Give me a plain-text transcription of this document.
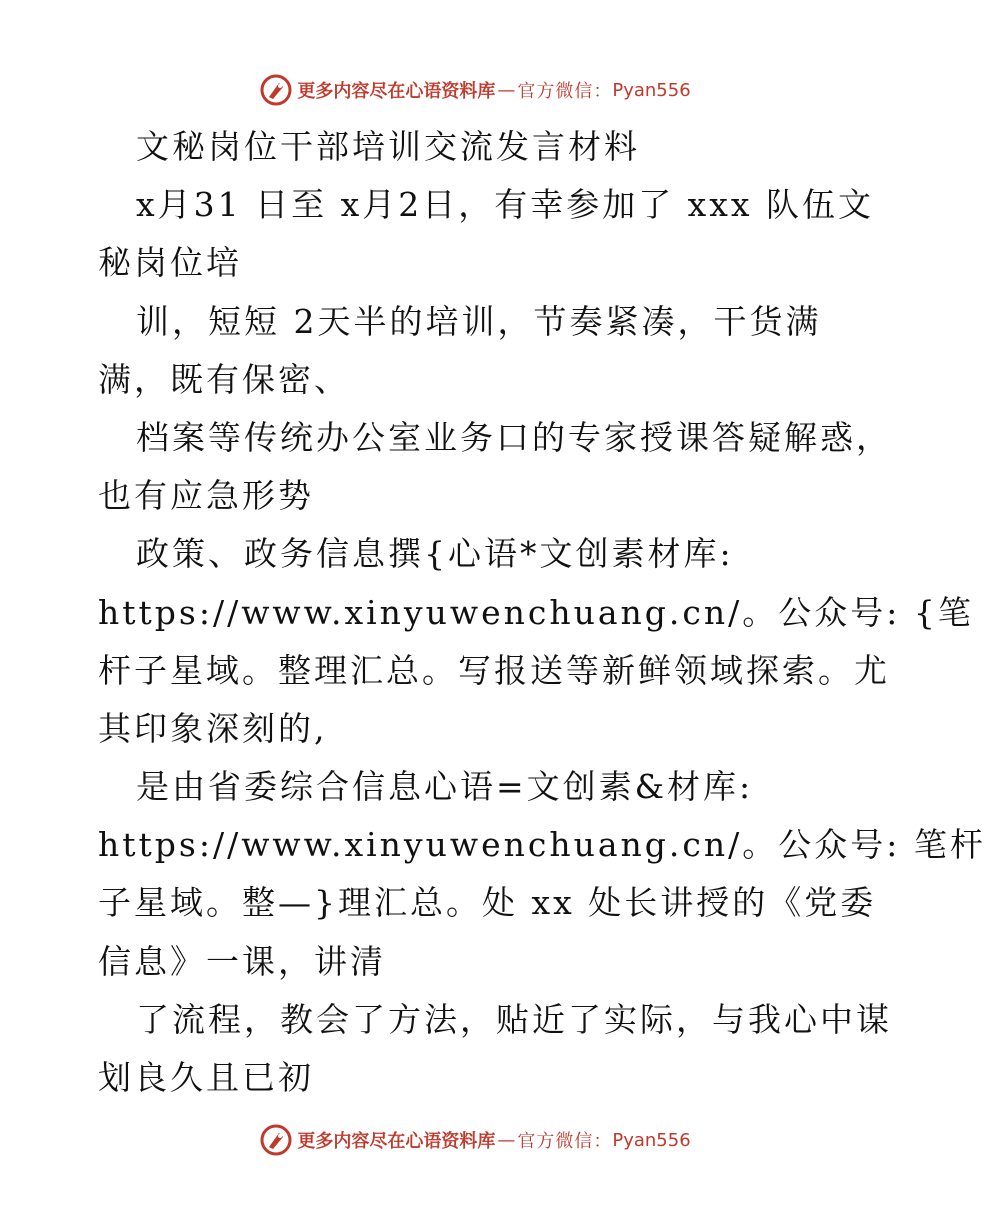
更多内容尽在心语资料库 — 官方微信： Pyan556
文秘岗位干部培训交流发言材料
x月31 日至 x月2日，有幸参加了 xxx 队伍文
秘岗位培
训，短短 2天半的培训，节奏紧凑，干货满
满，既有保密、
档案等传统办公室业务口的专家授课答疑解惑，
也有应急形势
政策、政务信息撰{心语*文创素材库:
https://www.xinyuwenchuang.cn/。公众号: {笔
杆子星域。整理汇总。写报送等新鲜领域探索。尤
其印象深刻的,
是由省委综合信息心语=文创素&材库:
https://www.xinyuwenchuang.cn/。公众号: 笔杆
子星域。整—}理汇总。处 xx 处长讲授的《党委
信息》一课，讲清
了流程，教会了方法，贴近了实际，与我心中谋
划良久且已初
更多内容尽在心语资料库 — 官方微信： Pyan556
